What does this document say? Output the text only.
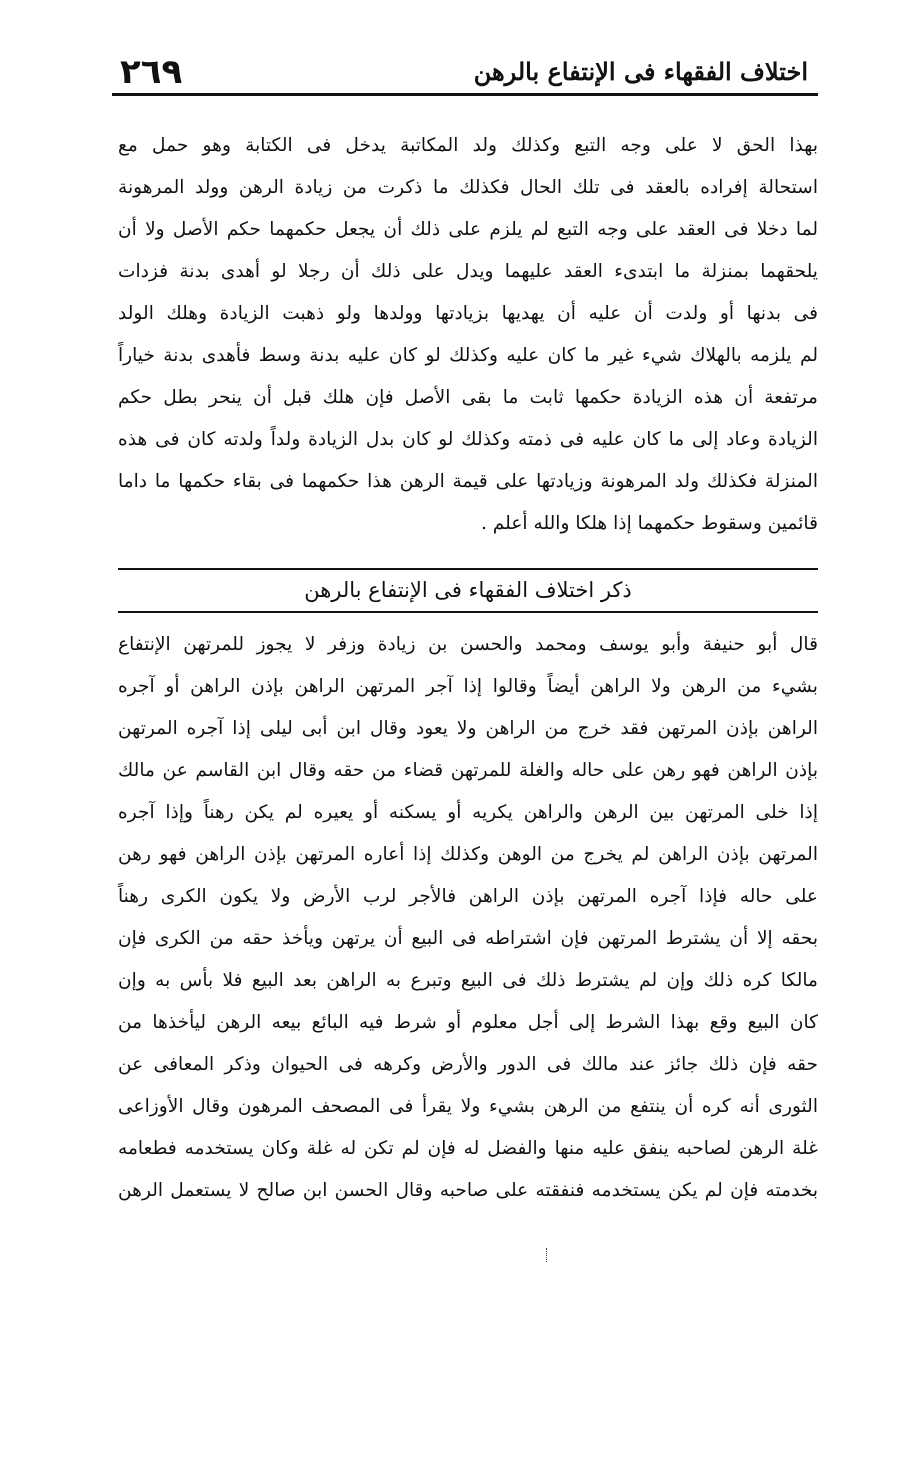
٢٦٩	اختلاف الفقهاء فى الإنتفاع بالرهن
بهذا الحق لا على وجه التبع وكذلك ولد المكاتبة يدخل فى الكتابة وهو حمل مع
استحالة إفراده بالعقد فى تلك الحال فكذلك ما ذكرت من زيادة الرهن وولد المرهونة
لما دخلا فى العقد على وجه التبع لم يلزم على ذلك أن يجعل حكمهما حكم الأصل ولا أن
يلحقهما بمنزلة ما ابتدىء العقد عليهما ويدل على ذلك أن رجلا لو أهدى بدنة فزدات
فى بدنها أو ولدت أن عليه أن يهديها بزيادتها وولدها ولو ذهبت الزيادة وهلك الولد
لم يلزمه بالهلاك شيء غير ما كان عليه وكذلك لو كان عليه بدنة وسط فأهدى بدنة خياراً
مرتفعة أن هذه الزيادة حكمها ثابت ما بقى الأصل فإن هلك قبل أن ينحر بطل حكم
الزيادة وعاد إلى ما كان عليه فى ذمته وكذلك لو كان بدل الزيادة ولداً ولدته كان فى هذه
المنزلة فكذلك ولد المرهونة وزيادتها على قيمة الرهن هذا حكمهما فى بقاء حكمها ما داما
قائمين وسقوط حكمهما إذا هلكا والله أعلم .
ذكر اختلاف الفقهاء فى الإنتفاع بالرهن
قال أبو حنيفة وأبو يوسف ومحمد والحسن بن زيادة وزفر لا يجوز للمرتهن الإنتفاع
بشيء من الرهن ولا الراهن أيضاً وقالوا إذا آجر المرتهن الراهن بإذن الراهن أو آجره
الراهن بإذن المرتهن فقد خرج من الراهن ولا يعود وقال ابن أبى ليلى إذا آجره المرتهن
بإذن الراهن فهو رهن على حاله والغلة للمرتهن قضاء من حقه وقال ابن القاسم عن مالك
إذا خلى المرتهن بين الرهن والراهن يكريه أو يسكنه أو يعيره لم يكن رهناً وإذا آجره
المرتهن بإذن الراهن لم يخرج من الوهن وكذلك إذا أعاره المرتهن بإذن الراهن فهو رهن
على حاله فإذا آجره المرتهن بإذن الراهن فالأجر لرب الأرض ولا يكون الكرى رهناً
بحقه إلا أن يشترط المرتهن فإن اشتراطه فى البيع أن يرتهن ويأخذ حقه من الكرى فإن
مالكا كره ذلك وإن لم يشترط ذلك فى البيع وتبرع به الراهن بعد البيع فلا بأس به وإن
كان البيع وقع بهذا الشرط إلى أجل معلوم أو شرط فيه البائع بيعه الرهن ليأخذها من
حقه فإن ذلك جائز عند مالك فى الدور والأرض وكرهه فى الحيوان وذكر المعافى عن
الثورى أنه كره أن ينتفع من الرهن بشيء ولا يقرأ فى المصحف المرهون وقال الأوزاعى
غلة الرهن لصاحبه ينفق عليه منها والفضل له فإن لم تكن له غلة وكان يستخدمه فطعامه
بخدمته فإن لم يكن يستخدمه فنفقته على صاحبه وقال الحسن ابن صالح لا يستعمل الرهن
